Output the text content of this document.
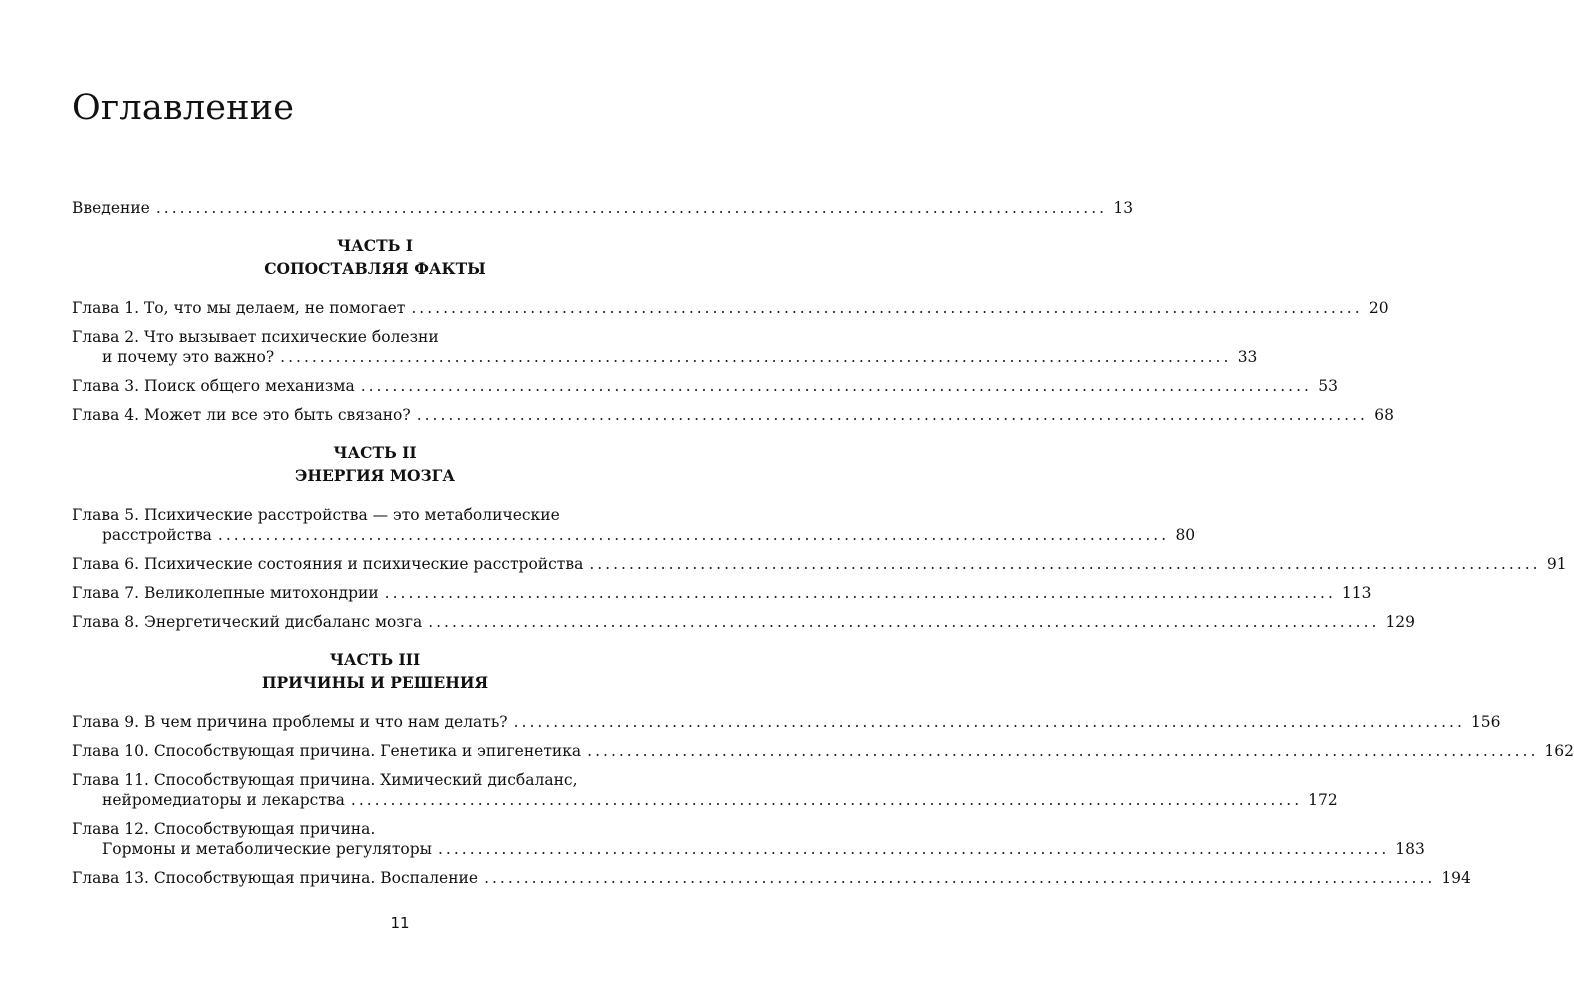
Оглавление
Введение ........................................................................................................................ 13
ЧАСТЬ I
СОПОСТАВЛЯЯ ФАКТЫ
Глава 1. То, что мы делаем, не помогает ........................................................................................................................ 20
Глава 2. Что вызывает психические болезни
и почему это важно? ........................................................................................................................ 33
Глава 3. Поиск общего механизма ........................................................................................................................ 53
Глава 4. Может ли все это быть связано? ........................................................................................................................ 68
ЧАСТЬ II
ЭНЕРГИЯ МОЗГА
Глава 5. Психические расстройства — это метаболические
расстройства ........................................................................................................................ 80
Глава 6. Психические состояния и психические расстройства ........................................................................................................................ 91
Глава 7. Великолепные митохондрии ........................................................................................................................ 113
Глава 8. Энергетический дисбаланс мозга ........................................................................................................................ 129
ЧАСТЬ III
ПРИЧИНЫ И РЕШЕНИЯ
Глава 9. В чем причина проблемы и что нам делать? ........................................................................................................................ 156
Глава 10. Способствующая причина. Генетика и эпигенетика ........................................................................................................................ 162
Глава 11. Способствующая причина. Химический дисбаланс,
нейромедиаторы и лекарства ........................................................................................................................ 172
Глава 12. Способствующая причина.
Гормоны и метаболические регуляторы ........................................................................................................................ 183
Глава 13. Способствующая причина. Воспаление ........................................................................................................................ 194
11
